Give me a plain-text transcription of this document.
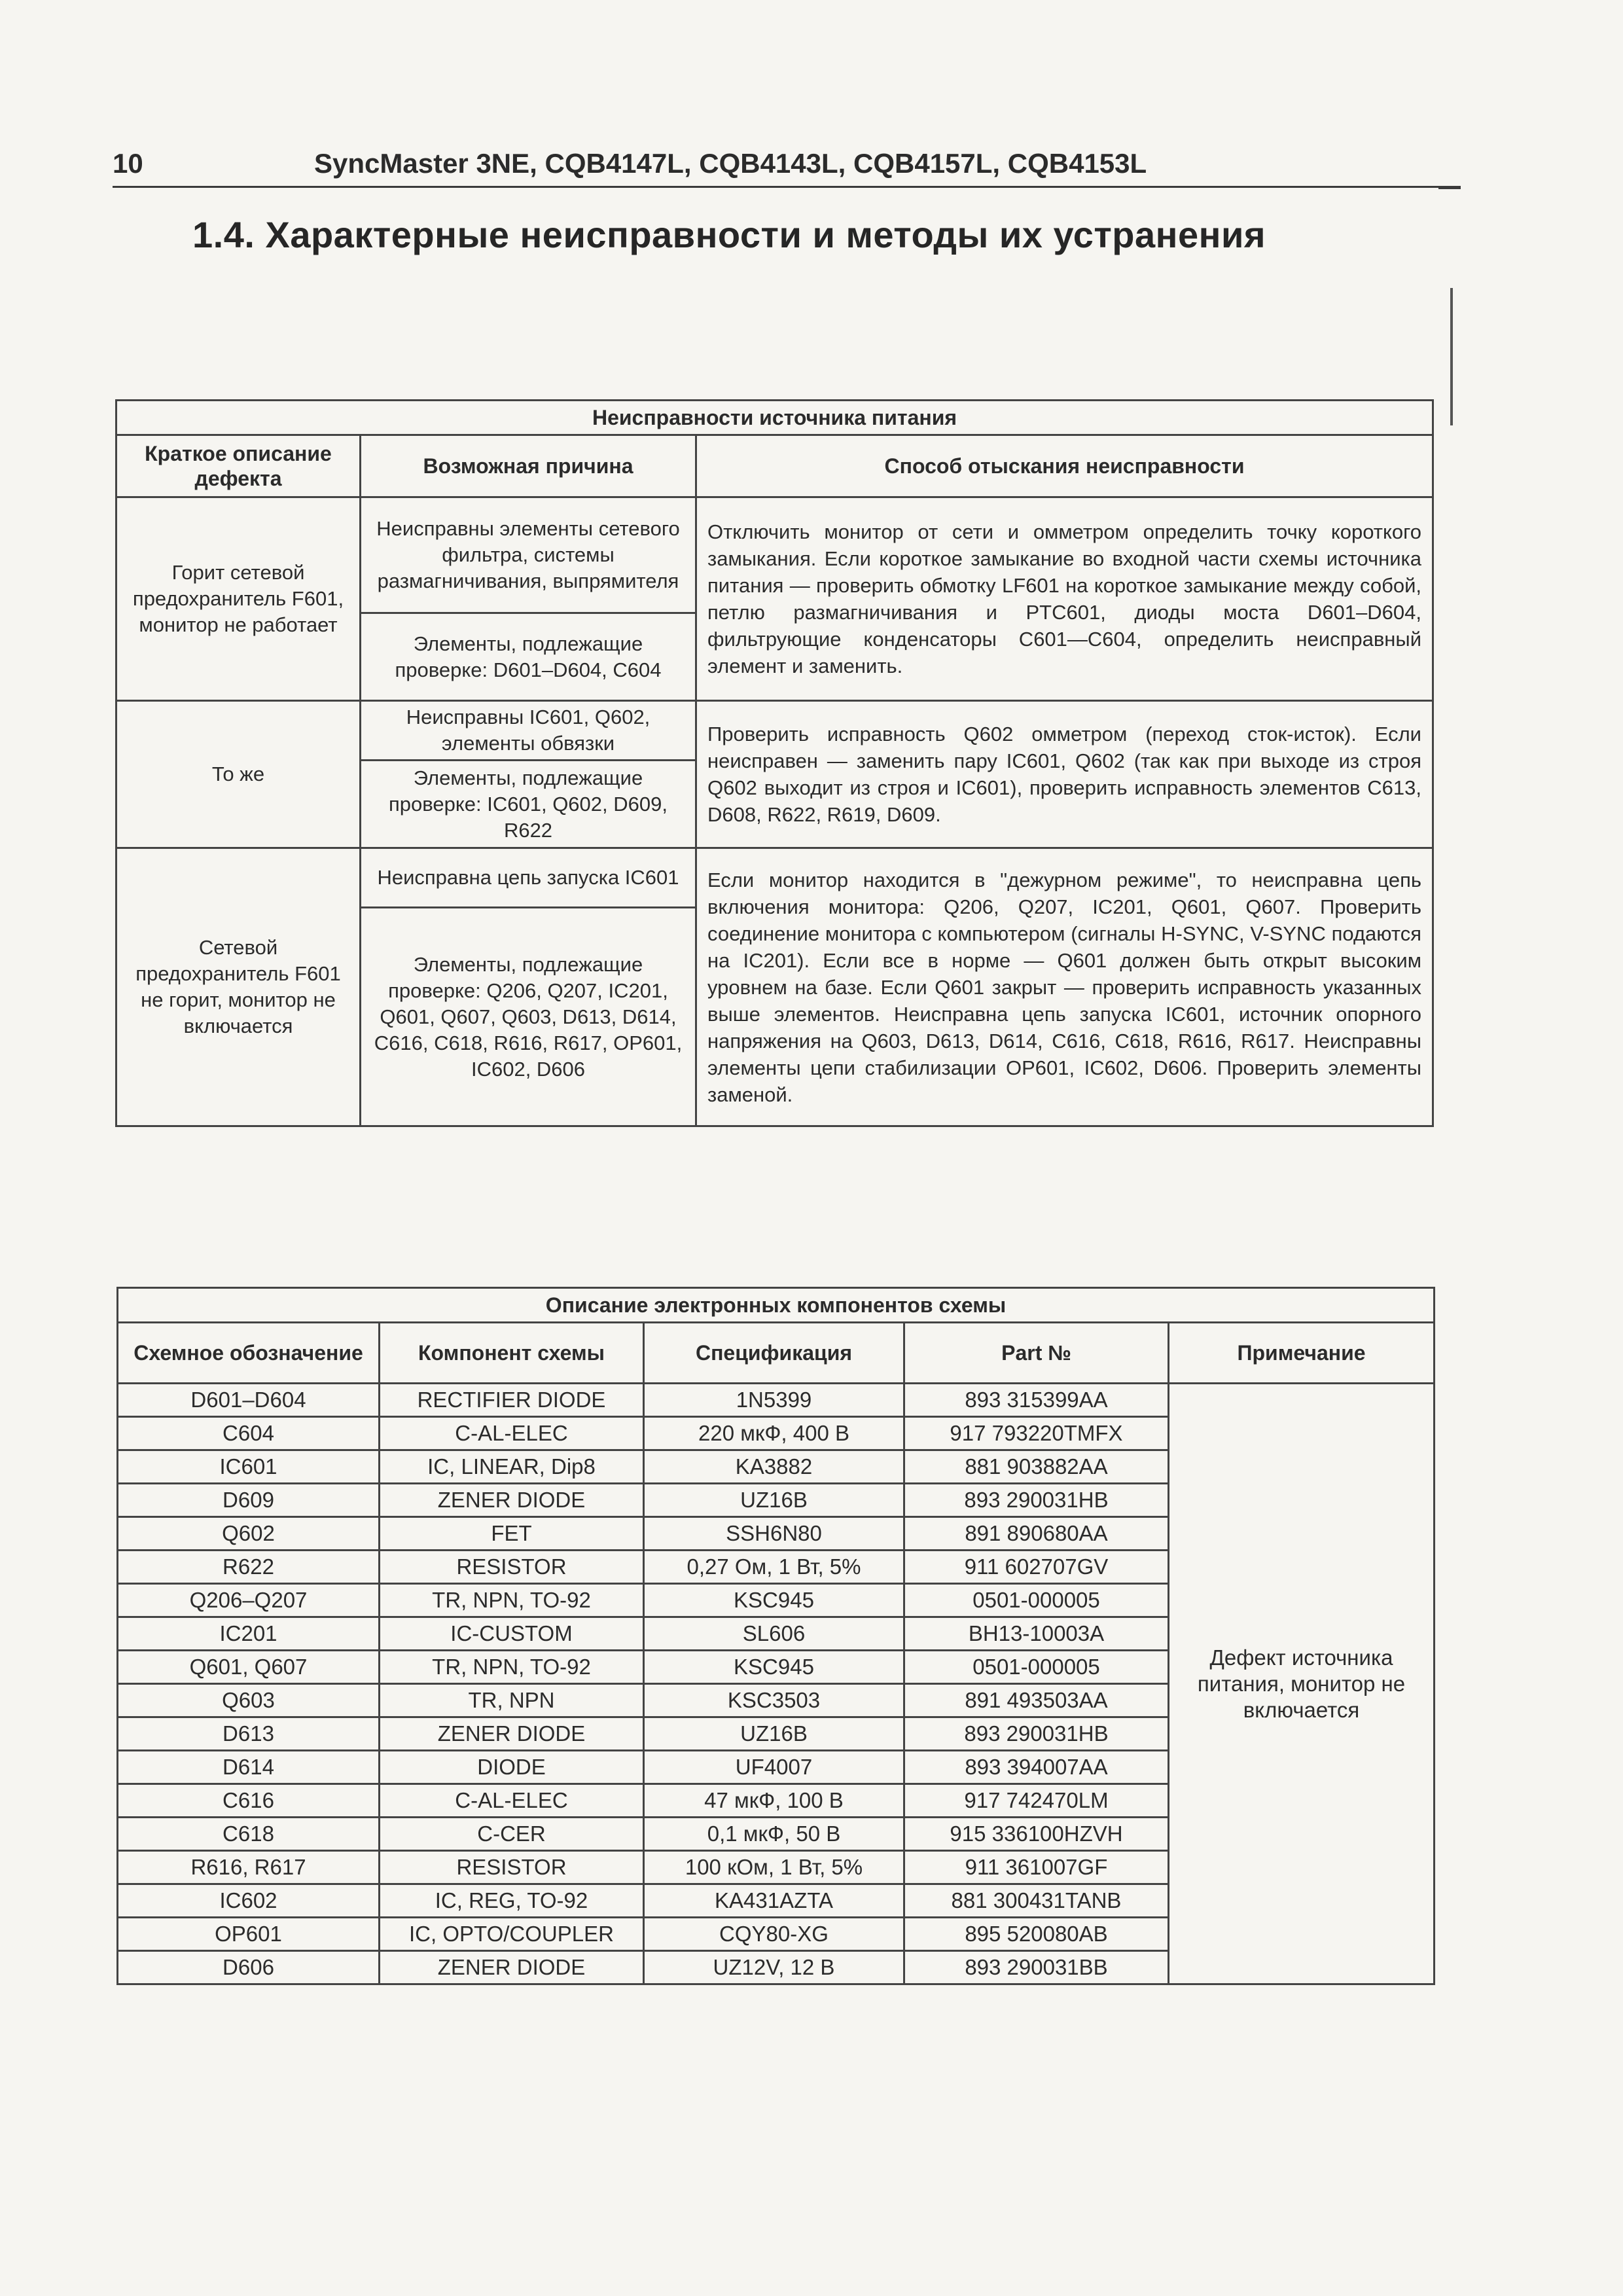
10	SyncMaster 3NE, CQB4147L, CQB4143L, CQB4157L, CQB4153L
1.4. Характерные неисправности и методы их устранения
Неисправности источника питания		
Краткое описание дефекта	Возможная причина	Способ отыскания неисправности
Горит сетевой предохранитель F601, монитор не работает	Неисправны элементы сетевого фильтра, системы размагничивания, выпрямителя	Отключить монитор от сети и омметром определить точку короткого замыкания. Если короткое замыкание во входной части схемы источника питания — проверить обмотку LF601 на короткое замыкание между собой, петлю размагничивания и PTC601, диоды моста D601–D604, фильтрующие конденсаторы C601—C604, определить неисправный элемент и заменить.
	Элементы, подлежащие проверке: D601–D604, C604	
То же	Неисправны IC601, Q602, элементы обвязки	Проверить исправность Q602 омметром (переход сток-исток). Если неисправен — заменить пару IC601, Q602 (так как при выходе из строя Q602 выходит из строя и IC601), проверить исправность элементов C613, D608, R622, R619, D609.
	Элементы, подлежащие проверке: IC601, Q602, D609, R622	
Сетевой предохранитель F601 не горит, монитор не включается	Неисправна цепь запуска IC601	Если монитор находится в "дежурном режиме", то неисправна цепь включения монитора: Q206, Q207, IC201, Q601, Q607. Проверить соединение монитора с компьютером (сигналы H-SYNC, V-SYNC подаются на IC201). Если все в норме — Q601 должен быть открыт высоким уровнем на базе. Если Q601 закрыт — проверить исправность указанных выше элементов. Неисправна цепь запуска IC601, источник опорного напряжения на Q603, D613, D614, C616, C618, R616, R617. Неисправны элементы цепи стабилизации OP601, IC602, D606. Проверить элементы заменой.
	Элементы, подлежащие проверке: Q206, Q207, IC201, Q601, Q607, Q603, D613, D614, C616, C618, R616, R617, OP601, IC602, D606	
Описание электронных компонентов схемы				
Схемное обозначение	Компонент схемы	Спецификация	Part №	Примечание
D601–D604	RECTIFIER DIODE	1N5399	893 315399AA	Дефект источника питания, монитор не включается
C604	C-AL-ELEC	220 мкФ, 400 В	917 793220TMFX	
IC601	IC, LINEAR, Dip8	KA3882	881 903882AA	
D609	ZENER DIODE	UZ16B	893 290031HB	
Q602	FET	SSH6N80	891 890680AA	
R622	RESISTOR	0,27 Ом, 1 Вт, 5%	911 602707GV	
Q206–Q207	TR, NPN, TO-92	KSC945	0501-000005	
IC201	IC-CUSTOM	SL606	BH13-10003A	
Q601, Q607	TR, NPN, TO-92	KSC945	0501-000005	
Q603	TR, NPN	KSC3503	891 493503AA	
D613	ZENER DIODE	UZ16B	893 290031HB	
D614	DIODE	UF4007	893 394007AA	
C616	C-AL-ELEC	47 мкФ, 100 В	917 742470LM	
C618	C-CER	0,1 мкФ, 50 В	915 336100HZVH	
R616, R617	RESISTOR	100 кОм, 1 Вт, 5%	911 361007GF	
IC602	IC, REG, TO-92	KA431AZTA	881 300431TANB	
OP601	IC, OPTO/COUPLER	CQY80-XG	895 520080AB	
D606	ZENER DIODE	UZ12V, 12 В	893 290031BB	
